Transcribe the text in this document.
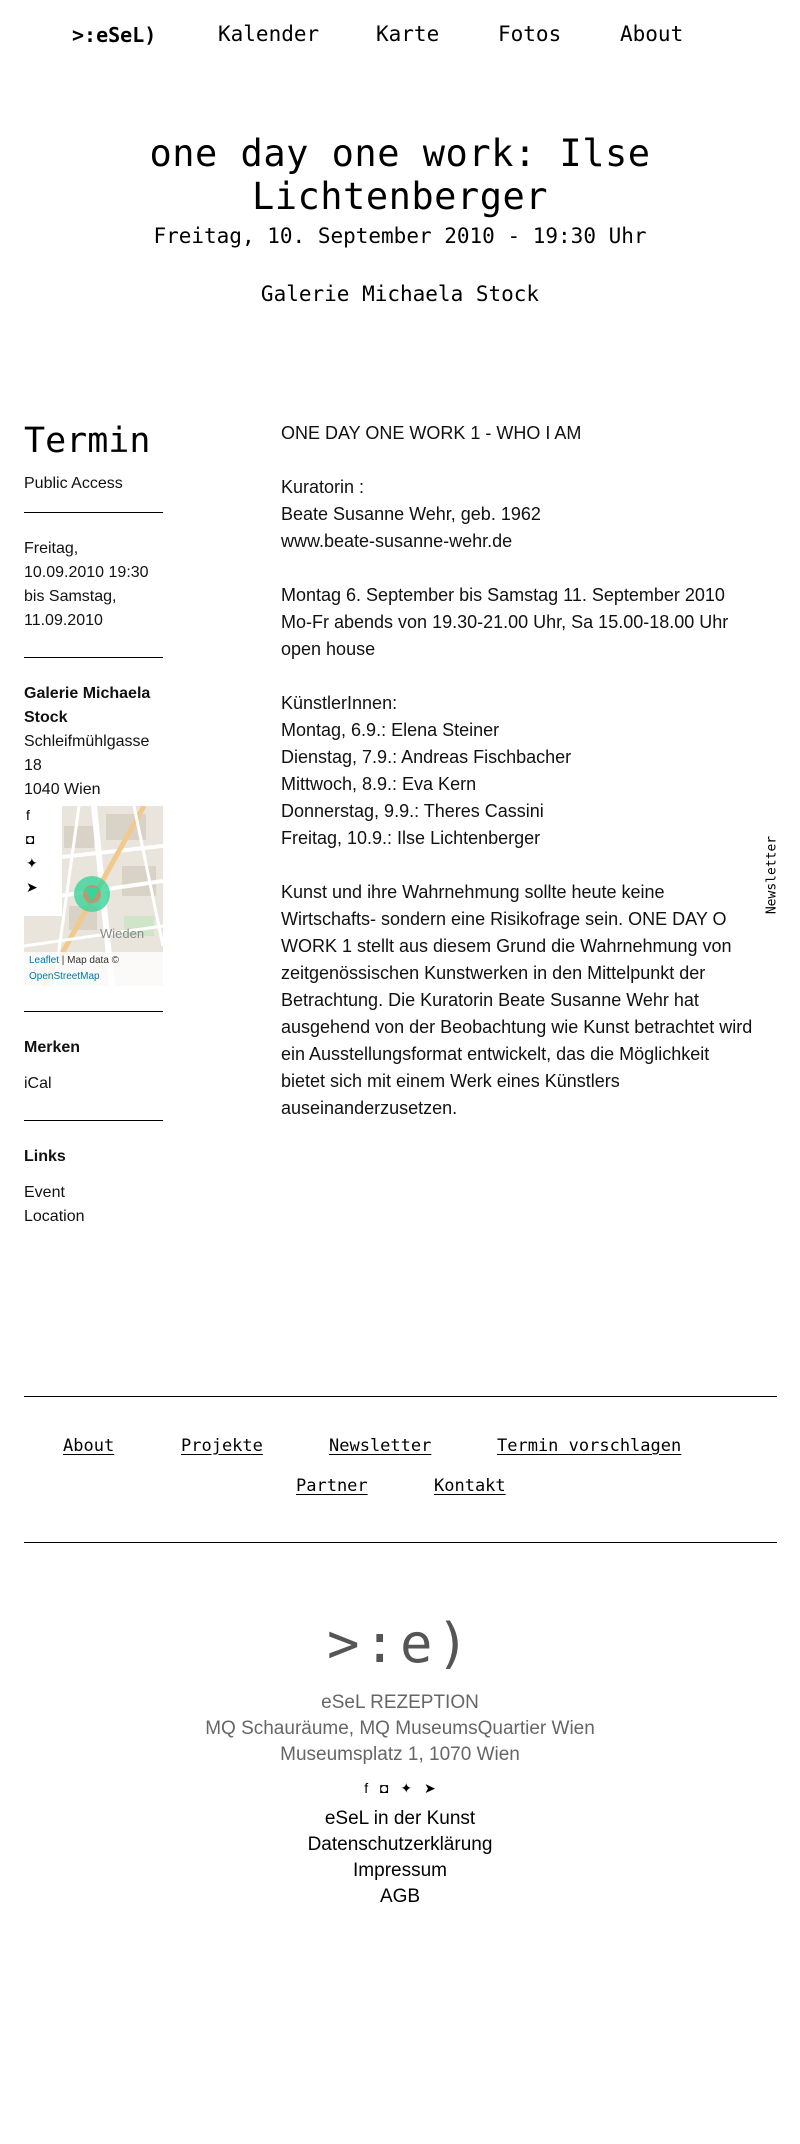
>:eSeL)	Kalender	Karte	Fotos	About
one day one work: Ilse Lichtenberger
Freitag, 10. September 2010 - 19:30 Uhr
Galerie Michaela Stock
Termin
Public Access
Freitag,
10.09.2010 19:30
bis Samstag,
11.09.2010
Galerie Michaela
Stock
Schleifmühlgasse
18
1040 Wien
Wieden
f
◘
✦
➤
Leaflet | Map data ©
OpenStreetMap
Merken
iCal
Links
Event
Location

ONE DAY ONE WORK 1 - WHO I AM

Kuratorin :
Beate Susanne Wehr, geb. 1962
www.beate-susanne-wehr.de

Montag 6. September bis Samstag 11. September 2010
Mo-Fr abends von 19.30-21.00 Uhr, Sa 15.00-18.00 Uhr
open house

KünstlerInnen:
Montag, 6.9.: Elena Steiner
Dienstag, 7.9.: Andreas Fischbacher
Mittwoch, 8.9.: Eva Kern
Donnerstag, 9.9.: Theres Cassini
Freitag, 10.9.: Ilse Lichtenberger

Kunst und ihre Wahrnehmung sollte heute keine
Wirtschafts- sondern eine Risikofrage sein. ONE DAY O
WORK 1 stellt aus diesem Grund die Wahrnehmung von
zeitgenössischen Kunstwerken in den Mittelpunkt der
Betrachtung. Die Kuratorin Beate Susanne Wehr hat
ausgehend von der Beobachtung wie Kunst betrachtet wird
ein Ausstellungsformat entwickelt, das die Möglichkeit
bietet sich mit einem Werk eines Künstlers
auseinanderzusetzen.

Newsletter
About	Projekte	Newsletter	Termin vorschlagen
Partner	Kontakt
>:e)
eSeL REZEPTION
MQ Schauräume, MQ MuseumsQuartier Wien
Museumsplatz 1, 1070 Wien
f ◘ ✦ ➤
eSeL in der Kunst
Datenschutzerklärung
Impressum
AGB
